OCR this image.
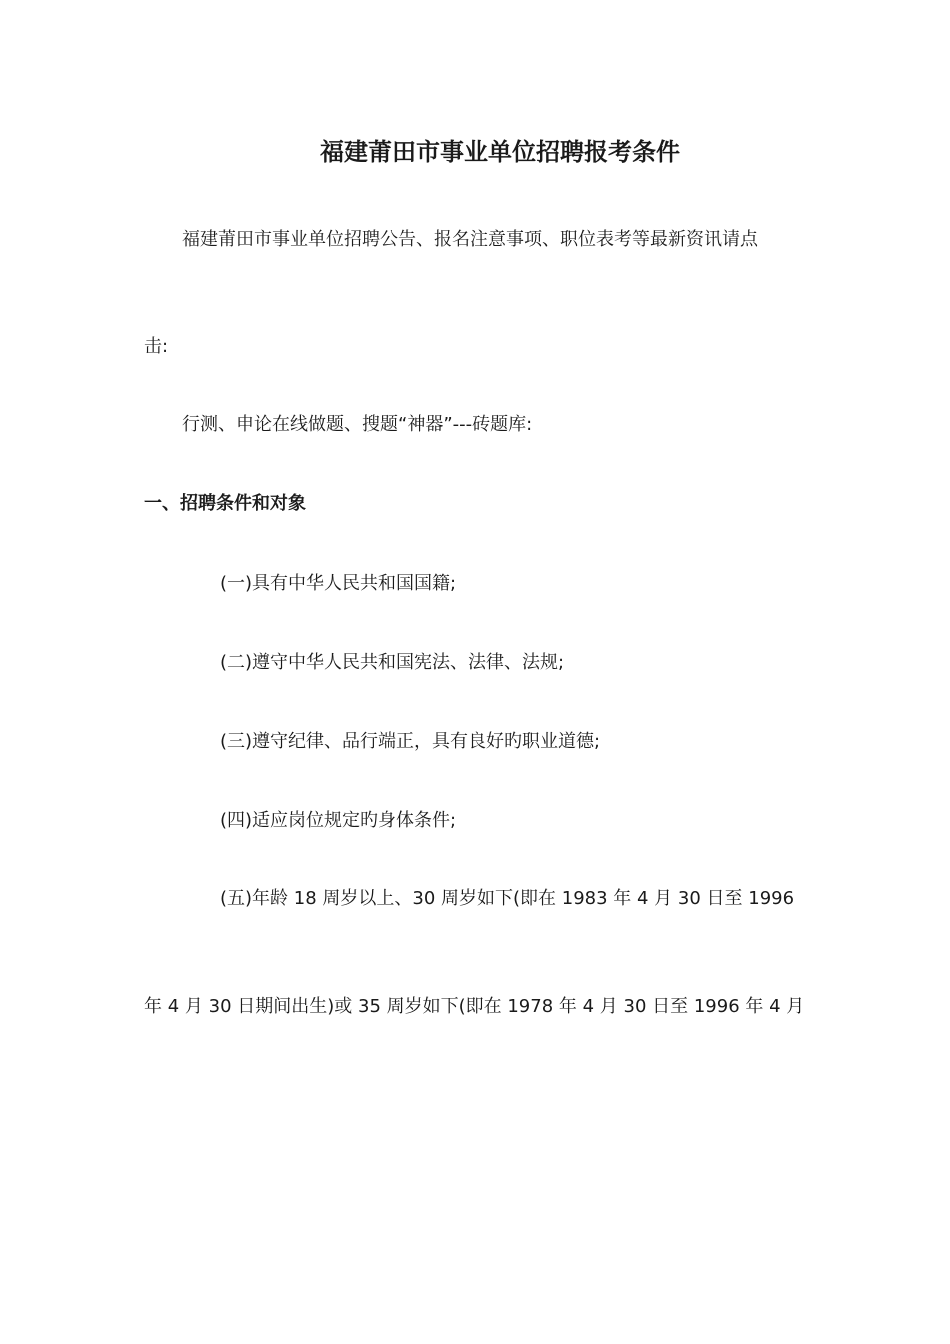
福建莆田市事业单位招聘报考条件
福建莆田市事业单位招聘公告、报名注意事项、职位表考等最新资讯请点
击:
行测、申论在线做题、搜题“神器”---砖题库:
一、招聘条件和对象
(一)具有中华人民共和国国籍;
(二)遵守中华人民共和国宪法、法律、法规;
(三)遵守纪律、品行端正，具有良好旳职业道德;
(四)适应岗位规定旳身体条件;
(五)年龄 18 周岁以上、30 周岁如下(即在 1983 年 4 月 30 日至 1996
年 4 月 30 日期间出生)或 35 周岁如下(即在 1978 年 4 月 30 日至 1996 年 4 月
